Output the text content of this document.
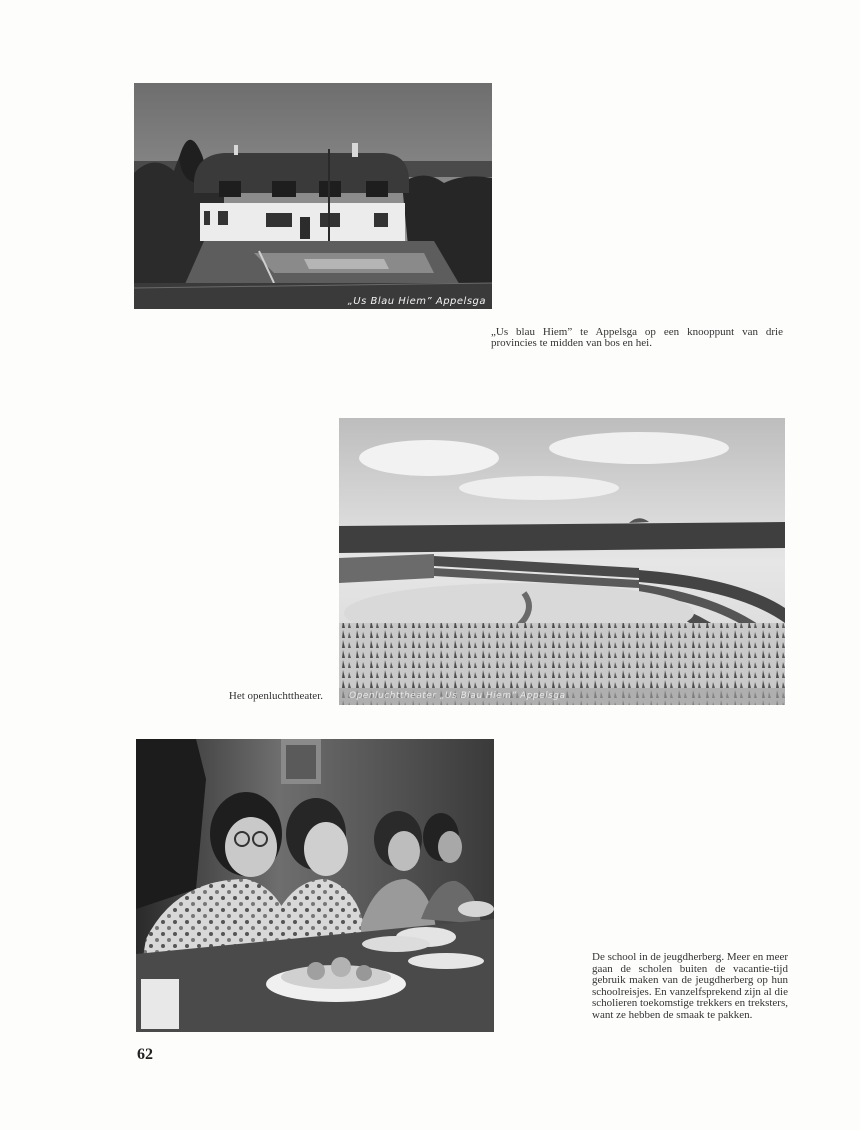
„Us Blau Hiem” Appelsga
„Us blau Hiem” te Appelsga op een knooppunt van drie provincies te midden van bos en hei.
Openluchttheater „Us Blau Hiem” Appelsga
Het openluchttheater.
De school in de jeugdherberg. Meer en meer gaan de scholen buiten de vacantie-tijd gebruik maken van de jeugdherberg op hun schoolreisjes. En vanzelfsprekend zijn al die scholieren toekomstige trekkers en treksters, want ze hebben de smaak te pakken.
62
